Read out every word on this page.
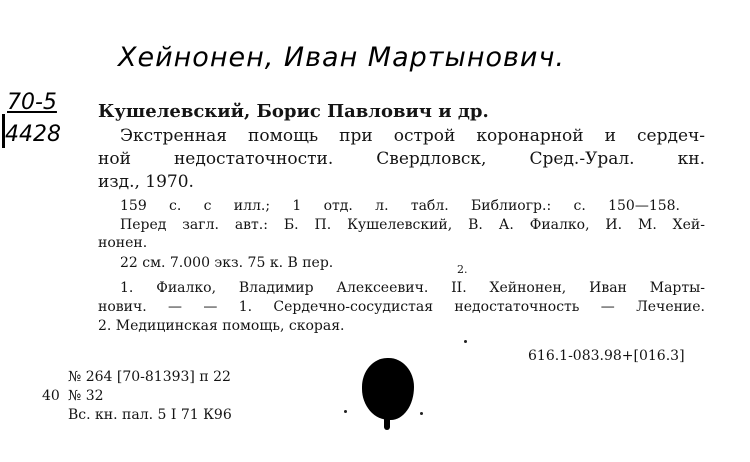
Хейнонен, Иван Мартынович.
70-5
4428
Кушелевский, Борис Павлович и др.
Экстренная помощь при острой коронарной и сердеч-
ной недостаточности. Свердловск, Сред.-Урал. кн.
изд., 1970.
159 с. с илл.; 1 отд. л. табл. Библиогр.: с. 150—158.
Перед загл. авт.: Б. П. Кушелевский, В. А. Фиалко, И. М. Хей-
нонен.
22 см. 7.000 экз. 75 к. В пер.	2.
1. Фиалко, Владимир Алексеевич. II. Хейнонен, Иван Марты-
нович. — — 1. Сердечно-сосудистая недостаточность — Лечение.
2. Медицинская помощь, скорая.
616.1-083.98+[016.3]
№ 264 [70-81393] п 22
40 № 32
Вс. кн. пал. 5 I 71 К96
